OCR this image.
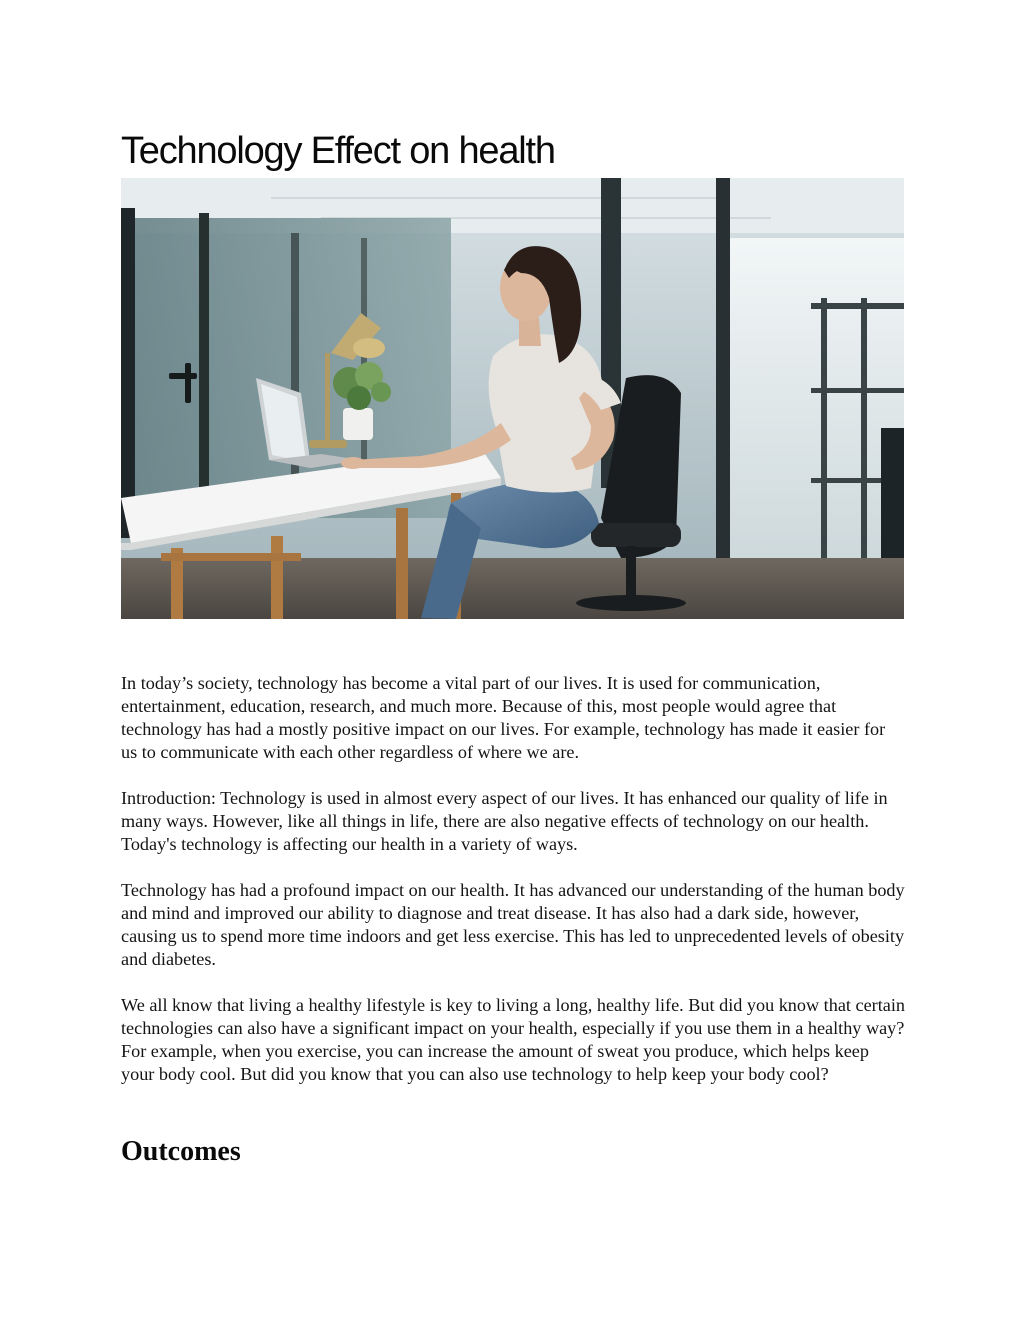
Technology Effect on health

In today’s society, technology has become a vital part of our lives. It is used for communication, entertainment, education, research, and much more. Because of this, most people would agree that technology has had a mostly positive impact on our lives. For example, technology has made it easier for us to communicate with each other regardless of where we are.

Introduction: Technology is used in almost every aspect of our lives. It has enhanced our quality of life in many ways. However, like all things in life, there are also negative effects of technology on our health. Today's technology is affecting our health in a variety of ways.

Technology has had a profound impact on our health. It has advanced our understanding of the human body and mind and improved our ability to diagnose and treat disease. It has also had a dark side, however, causing us to spend more time indoors and get less exercise. This has led to unprecedented levels of obesity and diabetes.

We all know that living a healthy lifestyle is key to living a long, healthy life. But did you know that certain technologies can also have a significant impact on your health, especially if you use them in a healthy way? For example, when you exercise, you can increase the amount of sweat you produce, which helps keep your body cool. But did you know that you can also use technology to help keep your body cool?

Outcomes
